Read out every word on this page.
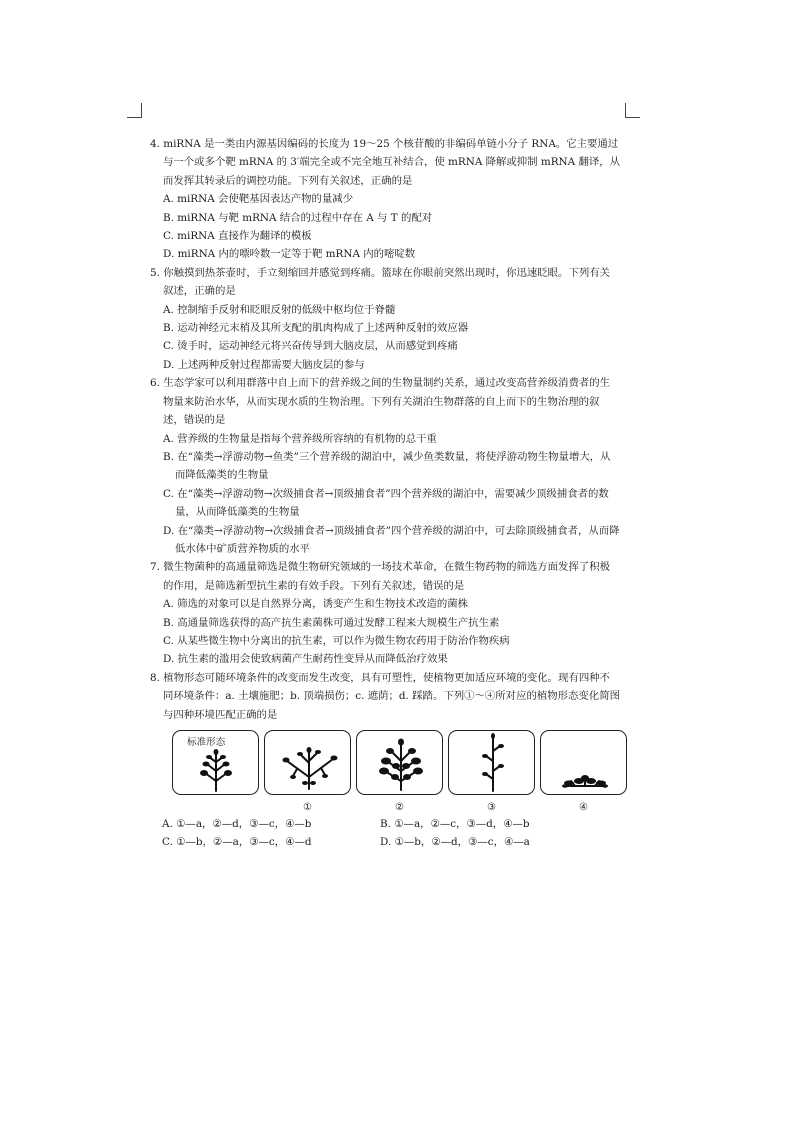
4. miRNA 是一类由内源基因编码的长度为 19～25 个核苷酸的非编码单链小分子 RNA。它主要通过与一个或多个靶 mRNA 的 3′端完全或不完全地互补结合，使 mRNA 降解或抑制 mRNA 翻译，从而发挥其转录后的调控功能。下列有关叙述，正确的是
A. miRNA 会使靶基因表达产物的量减少
B. miRNA 与靶 mRNA 结合的过程中存在 A 与 T 的配对
C. miRNA 直接作为翻译的模板
D. miRNA 内的嘌呤数一定等于靶 mRNA 内的嘧啶数
5. 你触摸到热茶壶时，手立刻缩回并感觉到疼痛。篮球在你眼前突然出现时，你迅速眨眼。下列有关叙述，正确的是
A. 控制缩手反射和眨眼反射的低级中枢均位于脊髓
B. 运动神经元末梢及其所支配的肌肉构成了上述两种反射的效应器
C. 烫手时，运动神经元将兴奋传导到大脑皮层，从而感觉到疼痛
D. 上述两种反射过程都需要大脑皮层的参与
6. 生态学家可以利用群落中自上而下的营养级之间的生物量制约关系，通过改变高营养级消费者的生物量来防治水华，从而实现水质的生物治理。下列有关湖泊生物群落的自上而下的生物治理的叙述，错误的是
A. 营养级的生物量是指每个营养级所容纳的有机物的总干重
B. 在“藻类→浮游动物→鱼类”三个营养级的湖泊中，减少鱼类数量，将使浮游动物生物量增大，从而降低藻类的生物量
C. 在“藻类→浮游动物→次级捕食者→顶级捕食者”四个营养级的湖泊中，需要减少顶级捕食者的数量，从而降低藻类的生物量
D. 在“藻类→浮游动物→次级捕食者→顶级捕食者”四个营养级的湖泊中，可去除顶级捕食者，从而降低水体中矿质营养物质的水平
7. 微生物菌种的高通量筛选是微生物研究领域的一场技术革命，在微生物药物的筛选方面发挥了积极的作用，是筛选新型抗生素的有效手段。下列有关叙述，错误的是
A. 筛选的对象可以是自然界分离，诱变产生和生物技术改造的菌株
B. 高通量筛选获得的高产抗生素菌株可通过发酵工程来大规模生产抗生素
C. 从某些微生物中分离出的抗生素，可以作为微生物农药用于防治作物疾病
D. 抗生素的滥用会使致病菌产生耐药性变异从而降低治疗效果
8. 植物形态可随环境条件的改变而发生改变，具有可塑性，使植物更加适应环境的变化。现有四种不同环境条件：a. 土壤施肥；b. 顶端损伤；c. 遮荫；d. 踩踏。下列①～④所对应的植物形态变化简图与四种环境匹配正确的是
标准形态
①	②	③	④
A. ①—a，②—d，③—c，④—b	B. ①—a，②—c，③—d，④—b
C. ①—b，②—a，③—c，④—d	D. ①—b，②—d，③—c，④—a
